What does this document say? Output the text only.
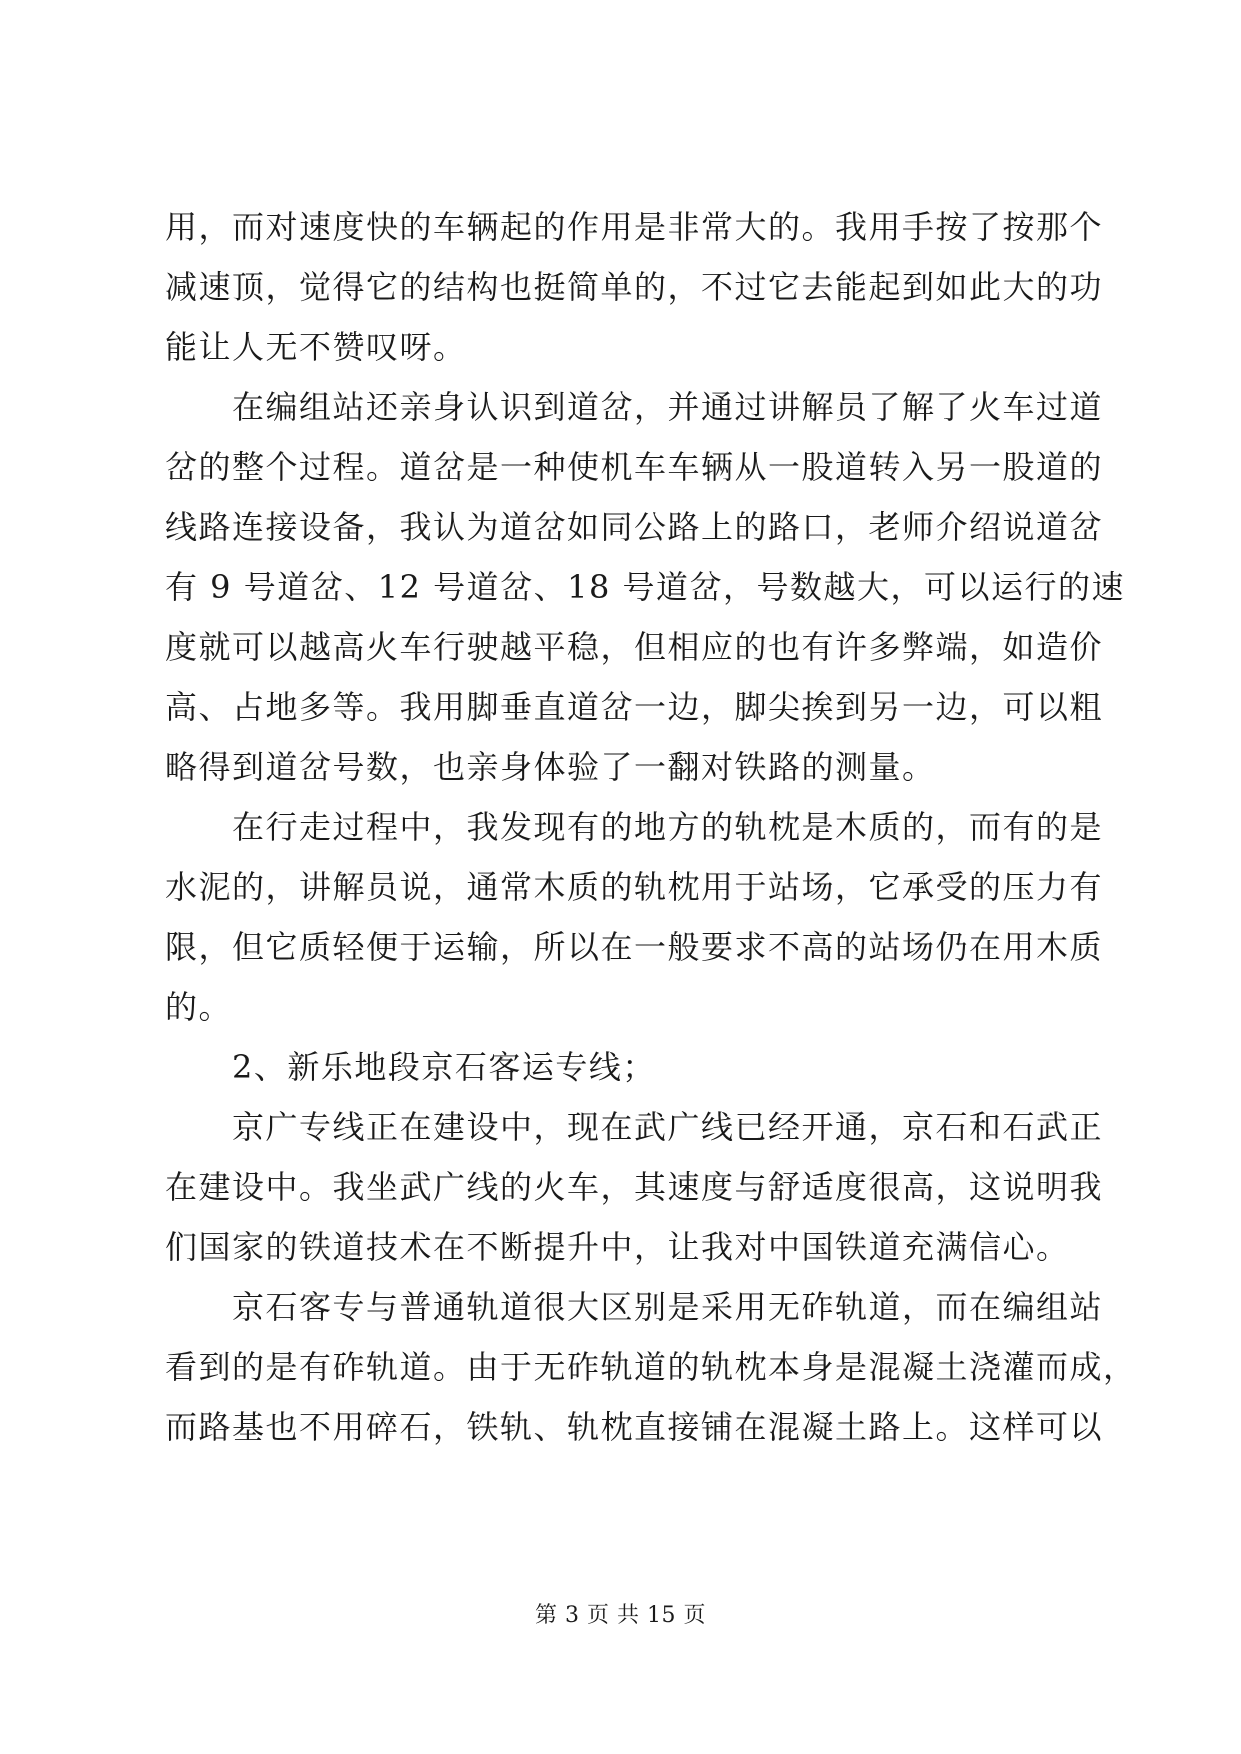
用，而对速度快的车辆起的作用是非常大的。我用手按了按那个
减速顶，觉得它的结构也挺简单的，不过它去能起到如此大的功
能让人无不赞叹呀。
在编组站还亲身认识到道岔，并通过讲解员了解了火车过道
岔的整个过程。道岔是一种使机车车辆从一股道转入另一股道的
线路连接设备，我认为道岔如同公路上的路口，老师介绍说道岔
有 9 号道岔、12 号道岔、18 号道岔，号数越大，可以运行的速
度就可以越高火车行驶越平稳，但相应的也有许多弊端，如造价
高、占地多等。我用脚垂直道岔一边，脚尖挨到另一边，可以粗
略得到道岔号数，也亲身体验了一翻对铁路的测量。
在行走过程中，我发现有的地方的轨枕是木质的，而有的是
水泥的，讲解员说，通常木质的轨枕用于站场，它承受的压力有
限，但它质轻便于运输，所以在一般要求不高的站场仍在用木质
的。
2、新乐地段京石客运专线；
京广专线正在建设中，现在武广线已经开通，京石和石武正
在建设中。我坐武广线的火车，其速度与舒适度很高，这说明我
们国家的铁道技术在不断提升中，让我对中国铁道充满信心。
京石客专与普通轨道很大区别是采用无砟轨道，而在编组站
看到的是有砟轨道。由于无砟轨道的轨枕本身是混凝土浇灌而成，
而路基也不用碎石，铁轨、轨枕直接铺在混凝土路上。这样可以
第 3 页 共 15 页
